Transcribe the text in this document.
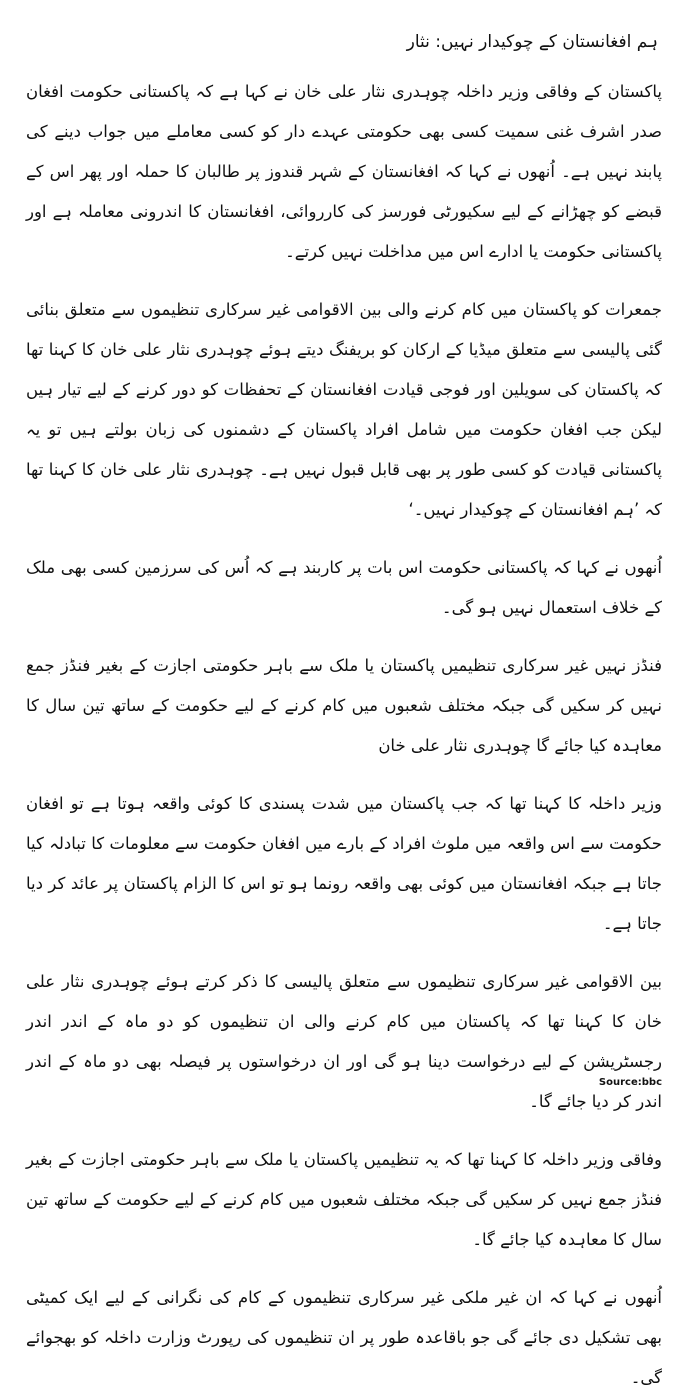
ہم افغانستان کے چوکیدار نہیں: نثار

پاکستان کے وفاقی وزیر داخلہ چوہدری نثار علی خان نے کہا ہے کہ پاکستانی حکومت افغان صدر اشرف غنی سمیت کسی بھی حکومتی عہدے دار کو کسی معاملے میں جواب دینے کی پابند نہیں ہے۔ اُنھوں نے کہا کہ افغانستان کے شہر قندوز پر طالبان کا حملہ اور پھر اس کے قبضے کو چھڑانے کے لیے سکیورٹی فورسز کی کارروائی، افغانستان کا اندرونی معاملہ ہے اور پاکستانی حکومت یا ادارے اس میں مداخلت نہیں کرتے۔

جمعرات کو پاکستان میں کام کرنے والی بین الاقوامی غیر سرکاری تنظیموں سے متعلق بنائی گئی پالیسی سے متعلق میڈیا کے ارکان کو بریفنگ دیتے ہوئے چوہدری نثار علی خان کا کہنا تھا کہ پاکستان کی سویلین اور فوجی قیادت افغانستان کے تحفظات کو دور کرنے کے لیے تیار ہیں لیکن جب افغان حکومت میں شامل افراد پاکستان کے دشمنوں کی زبان بولتے ہیں تو یہ پاکستانی قیادت کو کسی طور پر بھی قابل قبول نہیں ہے۔ چوہدری نثار علی خان کا کہنا تھا کہ ’ہم افغانستان کے چوکیدار نہیں۔‘

اُنھوں نے کہا کہ پاکستانی حکومت اس بات پر کاربند ہے کہ اُس کی سرزمین کسی بھی ملک کے خلاف استعمال نہیں ہو گی۔

فنڈز نہیں غیر سرکاری تنظیمیں پاکستان یا ملک سے باہر حکومتی اجازت کے بغیر فنڈز جمع نہیں کر سکیں گی جبکہ مختلف شعبوں میں کام کرنے کے لیے حکومت کے ساتھ تین سال کا معاہدہ کیا جائے گا چوہدری نثار علی خان

وزیر داخلہ کا کہنا تھا کہ جب پاکستان میں شدت پسندی کا کوئی واقعہ ہوتا ہے تو افغان حکومت سے اس واقعہ میں ملوث افراد کے بارے میں افغان حکومت سے معلومات کا تبادلہ کیا جاتا ہے جبکہ افغانستان میں کوئی بھی واقعہ رونما ہو تو اس کا الزام پاکستان پر عائد کر دیا جاتا ہے۔

بین الاقوامی غیر سرکاری تنظیموں سے متعلق پالیسی کا ذکر کرتے ہوئے چوہدری نثار علی خان کا کہنا تھا کہ پاکستان میں کام کرنے والی ان تنظیموں کو دو ماہ کے اندر اندر رجسٹریشن کے لیے درخواست دینا ہو گی اور ان درخواستوں پر فیصلہ بھی دو ماہ کے اندر اندر کر دیا جائے گا۔

وفاقی وزیر داخلہ کا کہنا تھا کہ یہ تنظیمیں پاکستان یا ملک سے باہر حکومتی اجازت کے بغیر فنڈز جمع نہیں کر سکیں گی جبکہ مختلف شعبوں میں کام کرنے کے لیے حکومت کے ساتھ تین سال کا معاہدہ کیا جائے گا۔

اُنھوں نے کہا کہ ان غیر ملکی غیر سرکاری تنظیموں کے کام کی نگرانی کے لیے ایک کمیٹی بھی تشکیل دی جائے گی جو باقاعدہ طور پر ان تنظیموں کی رپورٹ وزارت داخلہ کو بھجوائے گی۔

Source:bbc
